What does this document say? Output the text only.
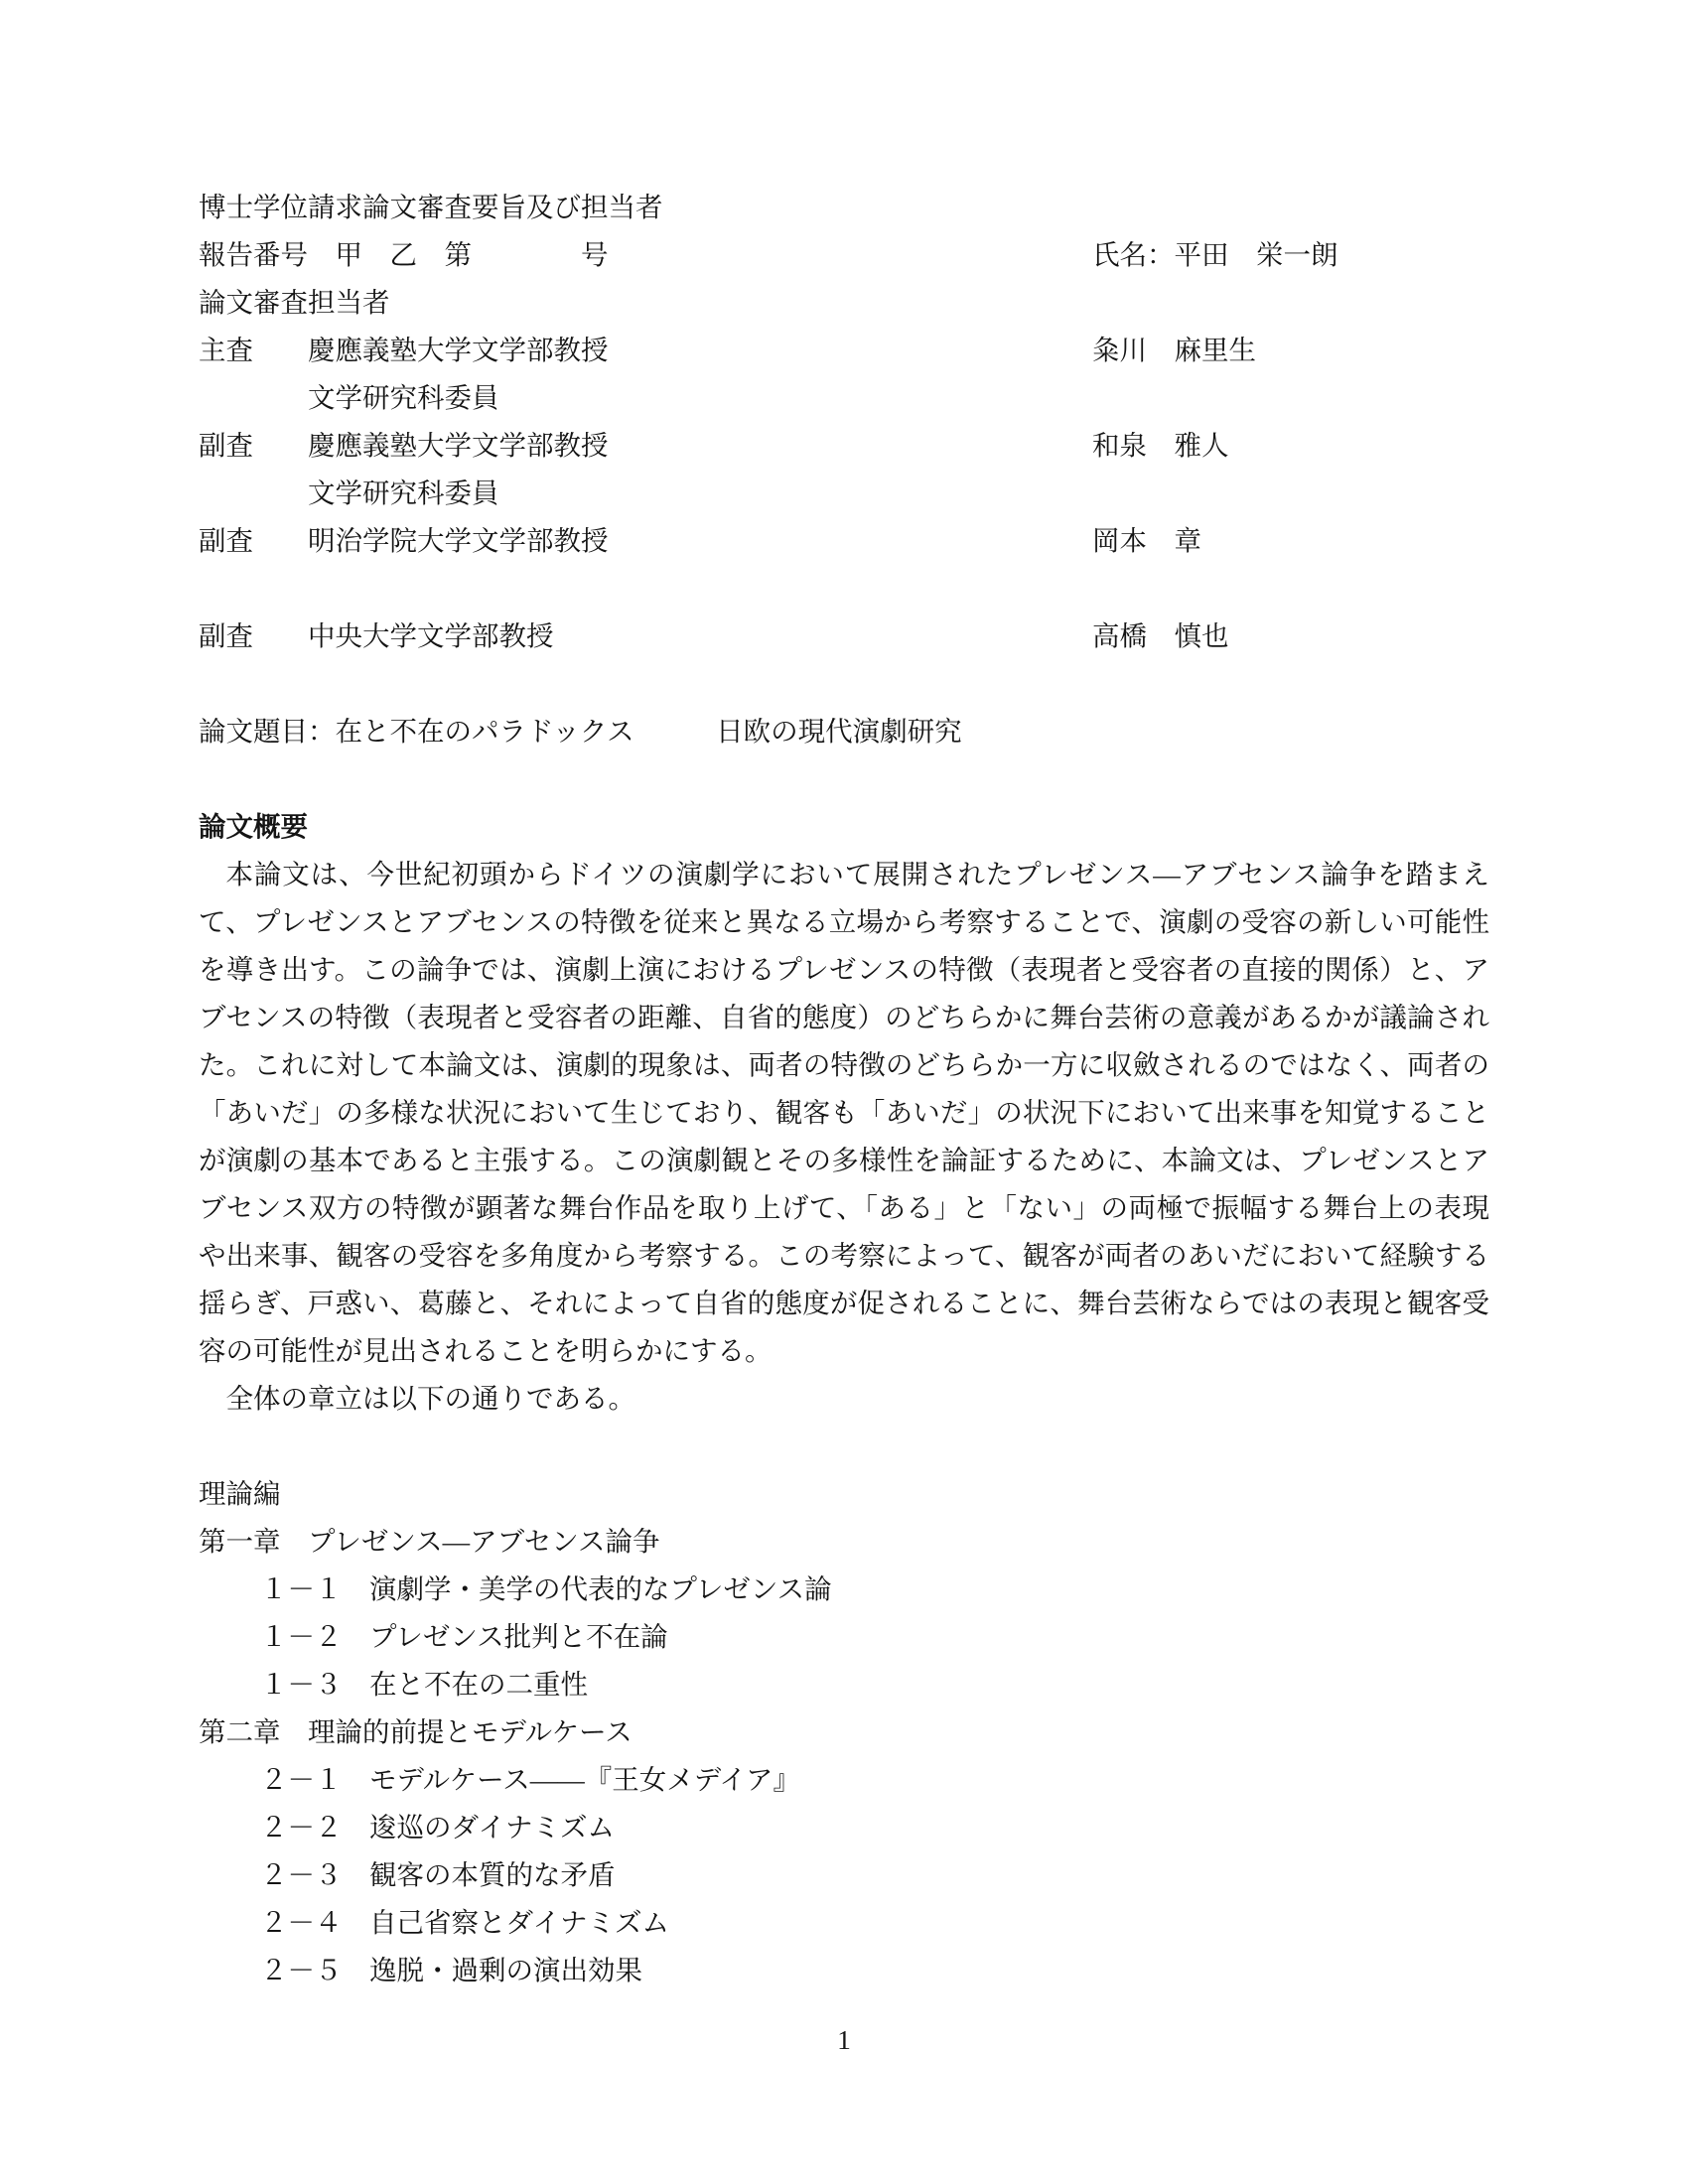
博士学位請求論文審査要旨及び担当者
報告番号　甲　乙　第　　　　号	氏名：平田　栄一朗
論文審査担当者
主査	慶應義塾大学文学部教授	粂川　麻里生
文学研究科委員
副査	慶應義塾大学文学部教授	和泉　雅人
文学研究科委員
副査	明治学院大学文学部教授	岡本　章
副査	中央大学文学部教授	高橋　慎也
論文題目：在と不在のパラドックス　　　日欧の現代演劇研究
論文概要
本論文は、今世紀初頭からドイツの演劇学において展開されたプレゼンス―アブセンス論争を踏まえて、プレゼンスとアブセンスの特徴を従来と異なる立場から考察することで、演劇の受容の新しい可能性を導き出す。この論争では、演劇上演におけるプレゼンスの特徴（表現者と受容者の直接的関係）と、アブセンスの特徴（表現者と受容者の距離、自省的態度）のどちらかに舞台芸術の意義があるかが議論された。これに対して本論文は、演劇的現象は、両者の特徴のどちらか一方に収斂されるのではなく、両者の「あいだ」の多様な状況において生じており、観客も「あいだ」の状況下において出来事を知覚することが演劇の基本であると主張する。この演劇観とその多様性を論証するために、本論文は、プレゼンスとアブセンス双方の特徴が顕著な舞台作品を取り上げて、「ある」と「ない」の両極で振幅する舞台上の表現や出来事、観客の受容を多角度から考察する。この考察によって、観客が両者のあいだにおいて経験する揺らぎ、戸惑い、葛藤と、それによって自省的態度が促されることに、舞台芸術ならではの表現と観客受容の可能性が見出されることを明らかにする。
全体の章立は以下の通りである。
理論編
第一章　プレゼンス―アブセンス論争
１－１　演劇学・美学の代表的なプレゼンス論
１－２　プレゼンス批判と不在論
１－３　在と不在の二重性
第二章　理論的前提とモデルケース
２－１　モデルケース――『王女メデイア』
２－２　逡巡のダイナミズム
２－３　観客の本質的な矛盾
２－４　自己省察とダイナミズム
２－５　逸脱・過剰の演出効果
1
